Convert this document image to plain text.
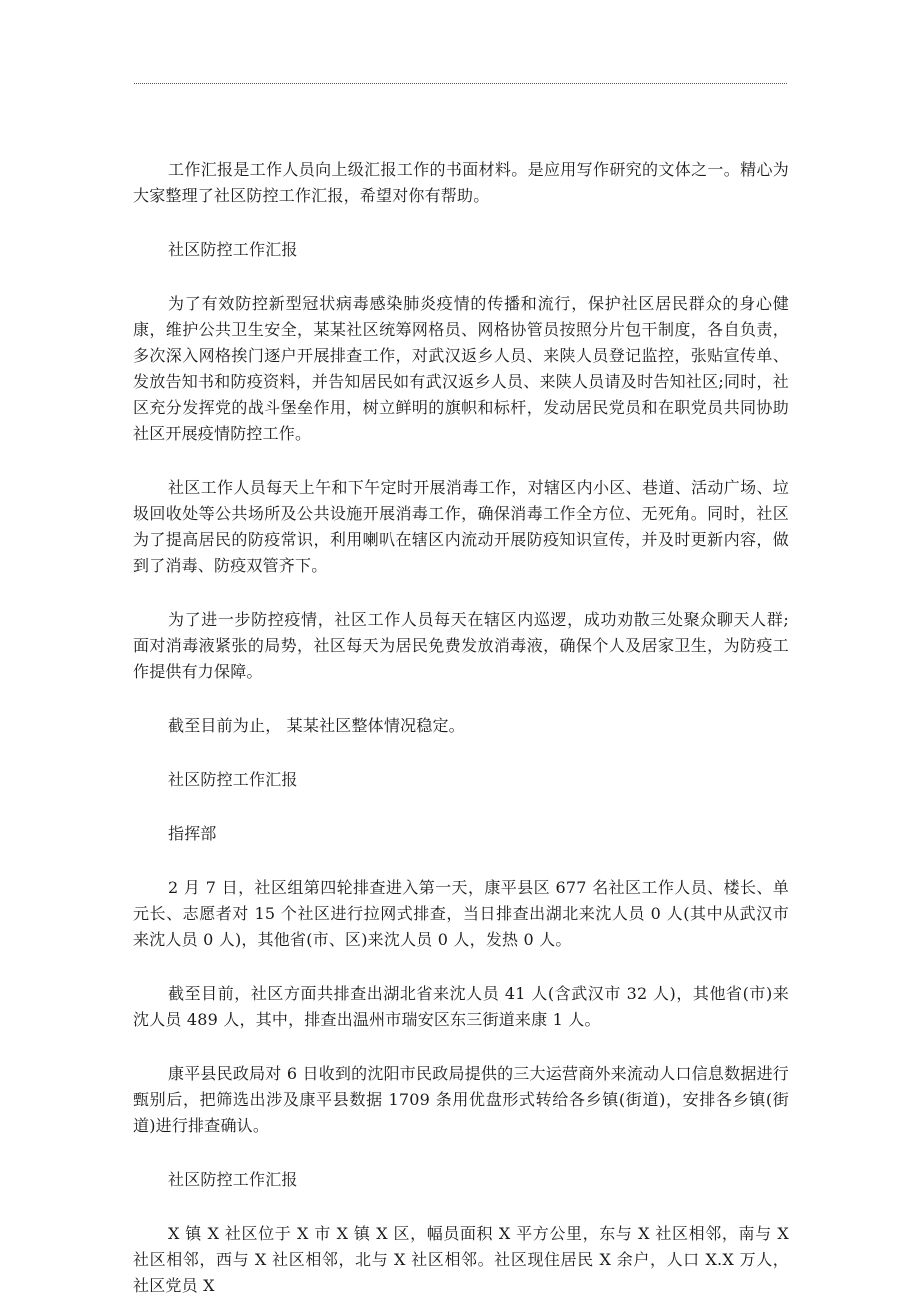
工作汇报是工作人员向上级汇报工作的书面材料。是应用写作研究的文体之一。精心为大家整理了社区防控工作汇报，希望对你有帮助。

社区防控工作汇报

为了有效防控新型冠状病毒感染肺炎疫情的传播和流行，保护社区居民群众的身心健康，维护公共卫生安全，某某社区统筹网格员、网格协管员按照分片包干制度，各自负责，多次深入网格挨门逐户开展排查工作，对武汉返乡人员、来陕人员登记监控，张贴宣传单、发放告知书和防疫资料，并告知居民如有武汉返乡人员、来陕人员请及时告知社区;同时，社区充分发挥党的战斗堡垒作用，树立鲜明的旗帜和标杆，发动居民党员和在职党员共同协助社区开展疫情防控工作。

社区工作人员每天上午和下午定时开展消毒工作，对辖区内小区、巷道、活动广场、垃圾回收处等公共场所及公共设施开展消毒工作，确保消毒工作全方位、无死角。同时，社区为了提高居民的防疫常识，利用喇叭在辖区内流动开展防疫知识宣传，并及时更新内容，做到了消毒、防疫双管齐下。

为了进一步防控疫情，社区工作人员每天在辖区内巡逻，成功劝散三处聚众聊天人群;面对消毒液紧张的局势，社区每天为居民免费发放消毒液，确保个人及居家卫生，为防疫工作提供有力保障。

截至目前为止， 某某社区整体情况稳定。

社区防控工作汇报

指挥部

2 月 7 日，社区组第四轮排查进入第一天，康平县区 677 名社区工作人员、楼长、单元长、志愿者对 15 个社区进行拉网式排查，当日排查出湖北来沈人员 0 人(其中从武汉市来沈人员 0 人)，其他省(市、区)来沈人员 0 人，发热 0 人。

截至目前，社区方面共排查出湖北省来沈人员 41 人(含武汉市 32 人)，其他省(市)来沈人员 489 人，其中，排查出温州市瑞安区东三街道来康 1 人。

康平县民政局对 6 日收到的沈阳市民政局提供的三大运营商外来流动人口信息数据进行甄别后，把筛选出涉及康平县数据 1709 条用优盘形式转给各乡镇(街道)，安排各乡镇(街道)进行排查确认。

社区防控工作汇报

X 镇 X 社区位于 X 市 X 镇 X 区，幅员面积 X 平方公里，东与 X 社区相邻，南与 X 社区相邻，西与 X 社区相邻，北与 X 社区相邻。社区现住居民 X 余户，人口 X.X 万人，社区党员 X
